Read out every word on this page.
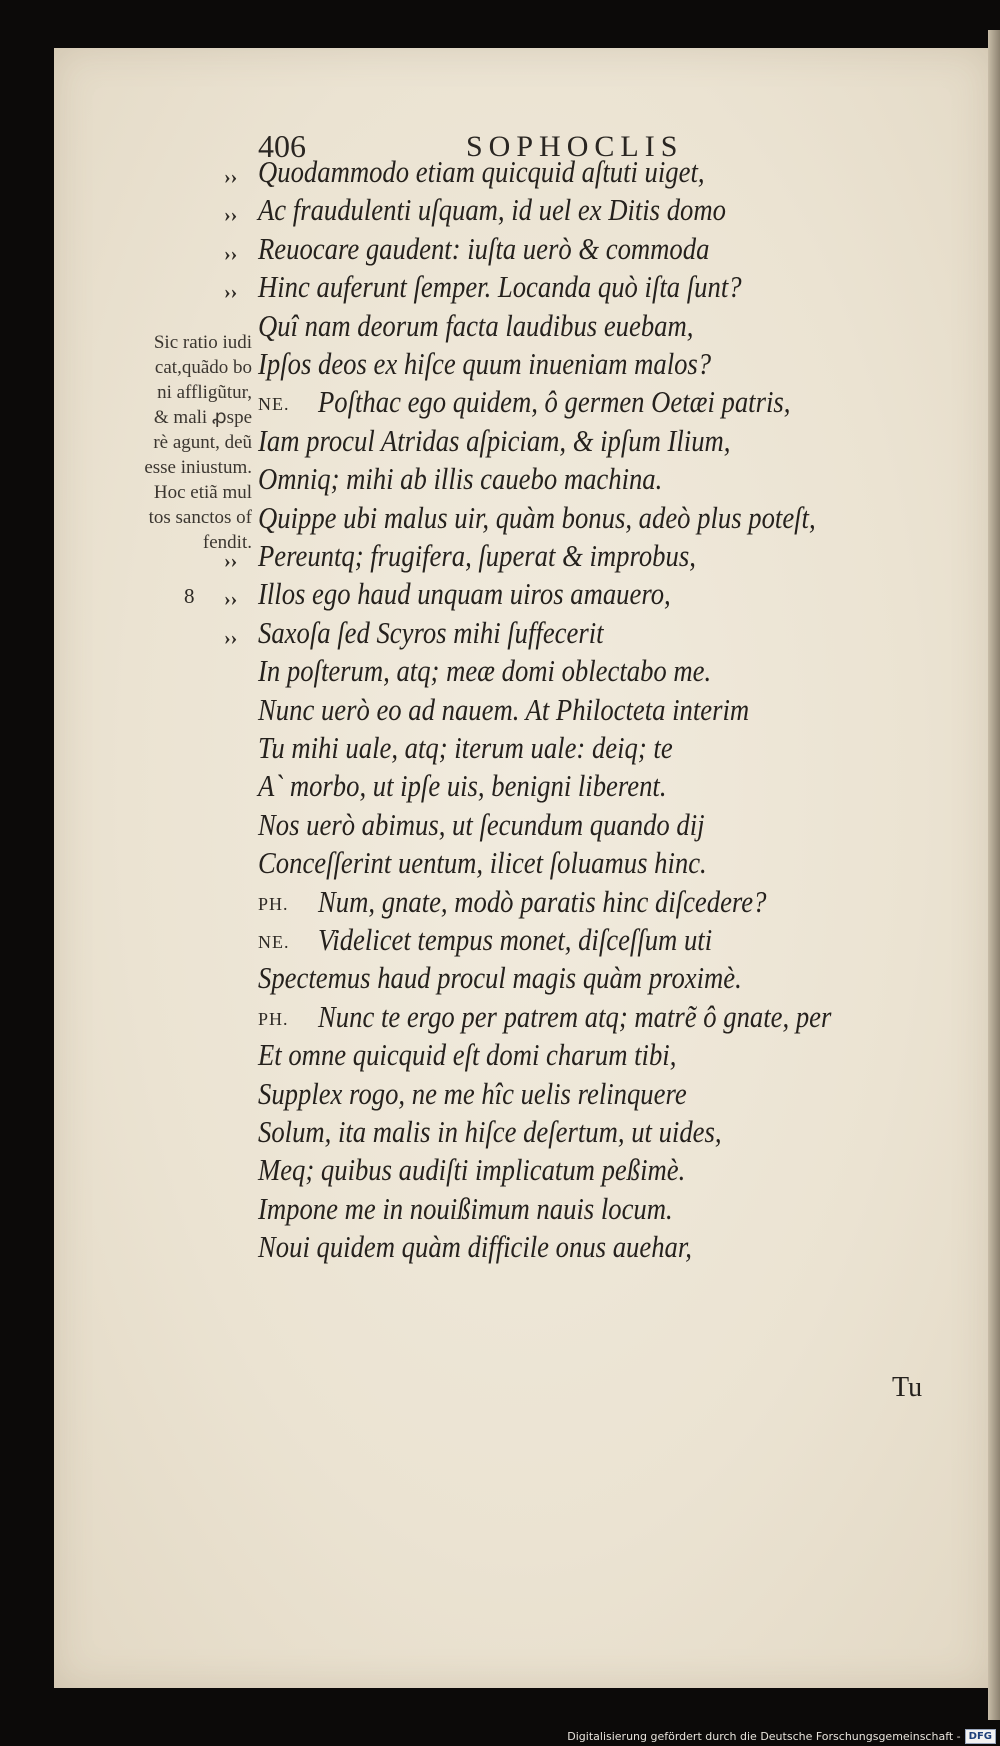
406	SOPHOCLIS
Sic ratio iudi
cat,quãdo bo
ni affligũtur,
& mali ꝓspe
rè agunt, deũ
esse iniustum.
Hoc etiã mul
tos sanctos of
fendit.
8
›› Quodammodo etiam quicquid aſtuti uiget,
›› Ac fraudulenti uſquam, id uel ex Ditis domo
›› Reuocare gaudent: iuſta uerò & commoda
›› Hinc auferunt ſemper. Locanda quò iſta ſunt?
Quî nam deorum facta laudibus euebam,
Ipſos deos ex hiſce quum inueniam malos?
NE. Poſthac ego quidem, ô germen Oetæi patris,
Iam procul Atridas aſpiciam, & ipſum Ilium,
Omniq; mihi ab illis cauebo machina.
Quippe ubi malus uir, quàm bonus, adeò plus poteſt,
›› Pereuntq; frugifera, ſuperat & improbus,
›› Illos ego haud unquam uiros amauero,
›› Saxoſa ſed Scyros mihi ſuffecerit
In poſterum, atq; meæ domi oblectabo me.
Nunc uerò eo ad nauem. At Philocteta interim
Tu mihi uale, atq; iterum uale: deiq; te
A` morbo, ut ipſe uis, benigni liberent.
Nos uerò abimus, ut ſecundum quando dij
Conceſſerint uentum, ilicet ſoluamus hinc.
PH. Num, gnate, modò paratis hinc diſcedere?
NE. Videlicet tempus monet, diſceſſum uti
Spectemus haud procul magis quàm proximè.
PH. Nunc te ergo per patrem atq; matrẽ ô gnate, per
Et omne quicquid eſt domi charum tibi,
Supplex rogo, ne me hîc uelis relinquere
Solum, ita malis in hiſce deſertum, ut uides,
Meq; quibus audiſti implicatum peßimè.
Impone me in nouißimum nauis locum.
Noui quidem quàm difficile onus auehar,
Tu
Digitalisierung gefördert durch die Deutsche Forschungsgemeinschaft - DFG
